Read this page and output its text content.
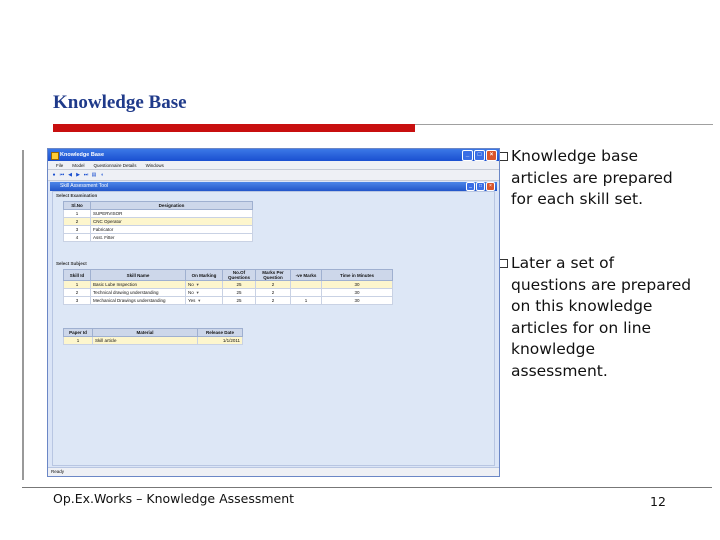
Knowledge Base
Knowledge base articles are prepared for each skill set.
Later a set of questions are prepared on this knowledge articles for on line knowledge assessment.
Op.Ex.Works – Knowledge Assessment	12
Knowledge Base	_	□	×
File Model Questionnaire Details Windows
● ⏮ ◀ ▶ ⏭ ▤ ◖
Skill Assessment Tool	_	□	×
Select Examination
Sl.No	Designation
1	SUPERVISOR
2	CNC Operator
3	Fabricator
4	Asst. Fitter
Select Subject
Skill Id	Skill Name	On Marking	No.Of Questions	Marks Per Question	-ve Marks	Time in Minutes
1	Basic Lube Inspection	No ▾	25	2		30
2	Technical drawing understanding	No ▾	25	2		30
3	Mechanical Drawings understanding	Yes ▾	25	2	1	30
Paper Id	Material	Release Date
1	Skill article	1/1/2011
Ready
